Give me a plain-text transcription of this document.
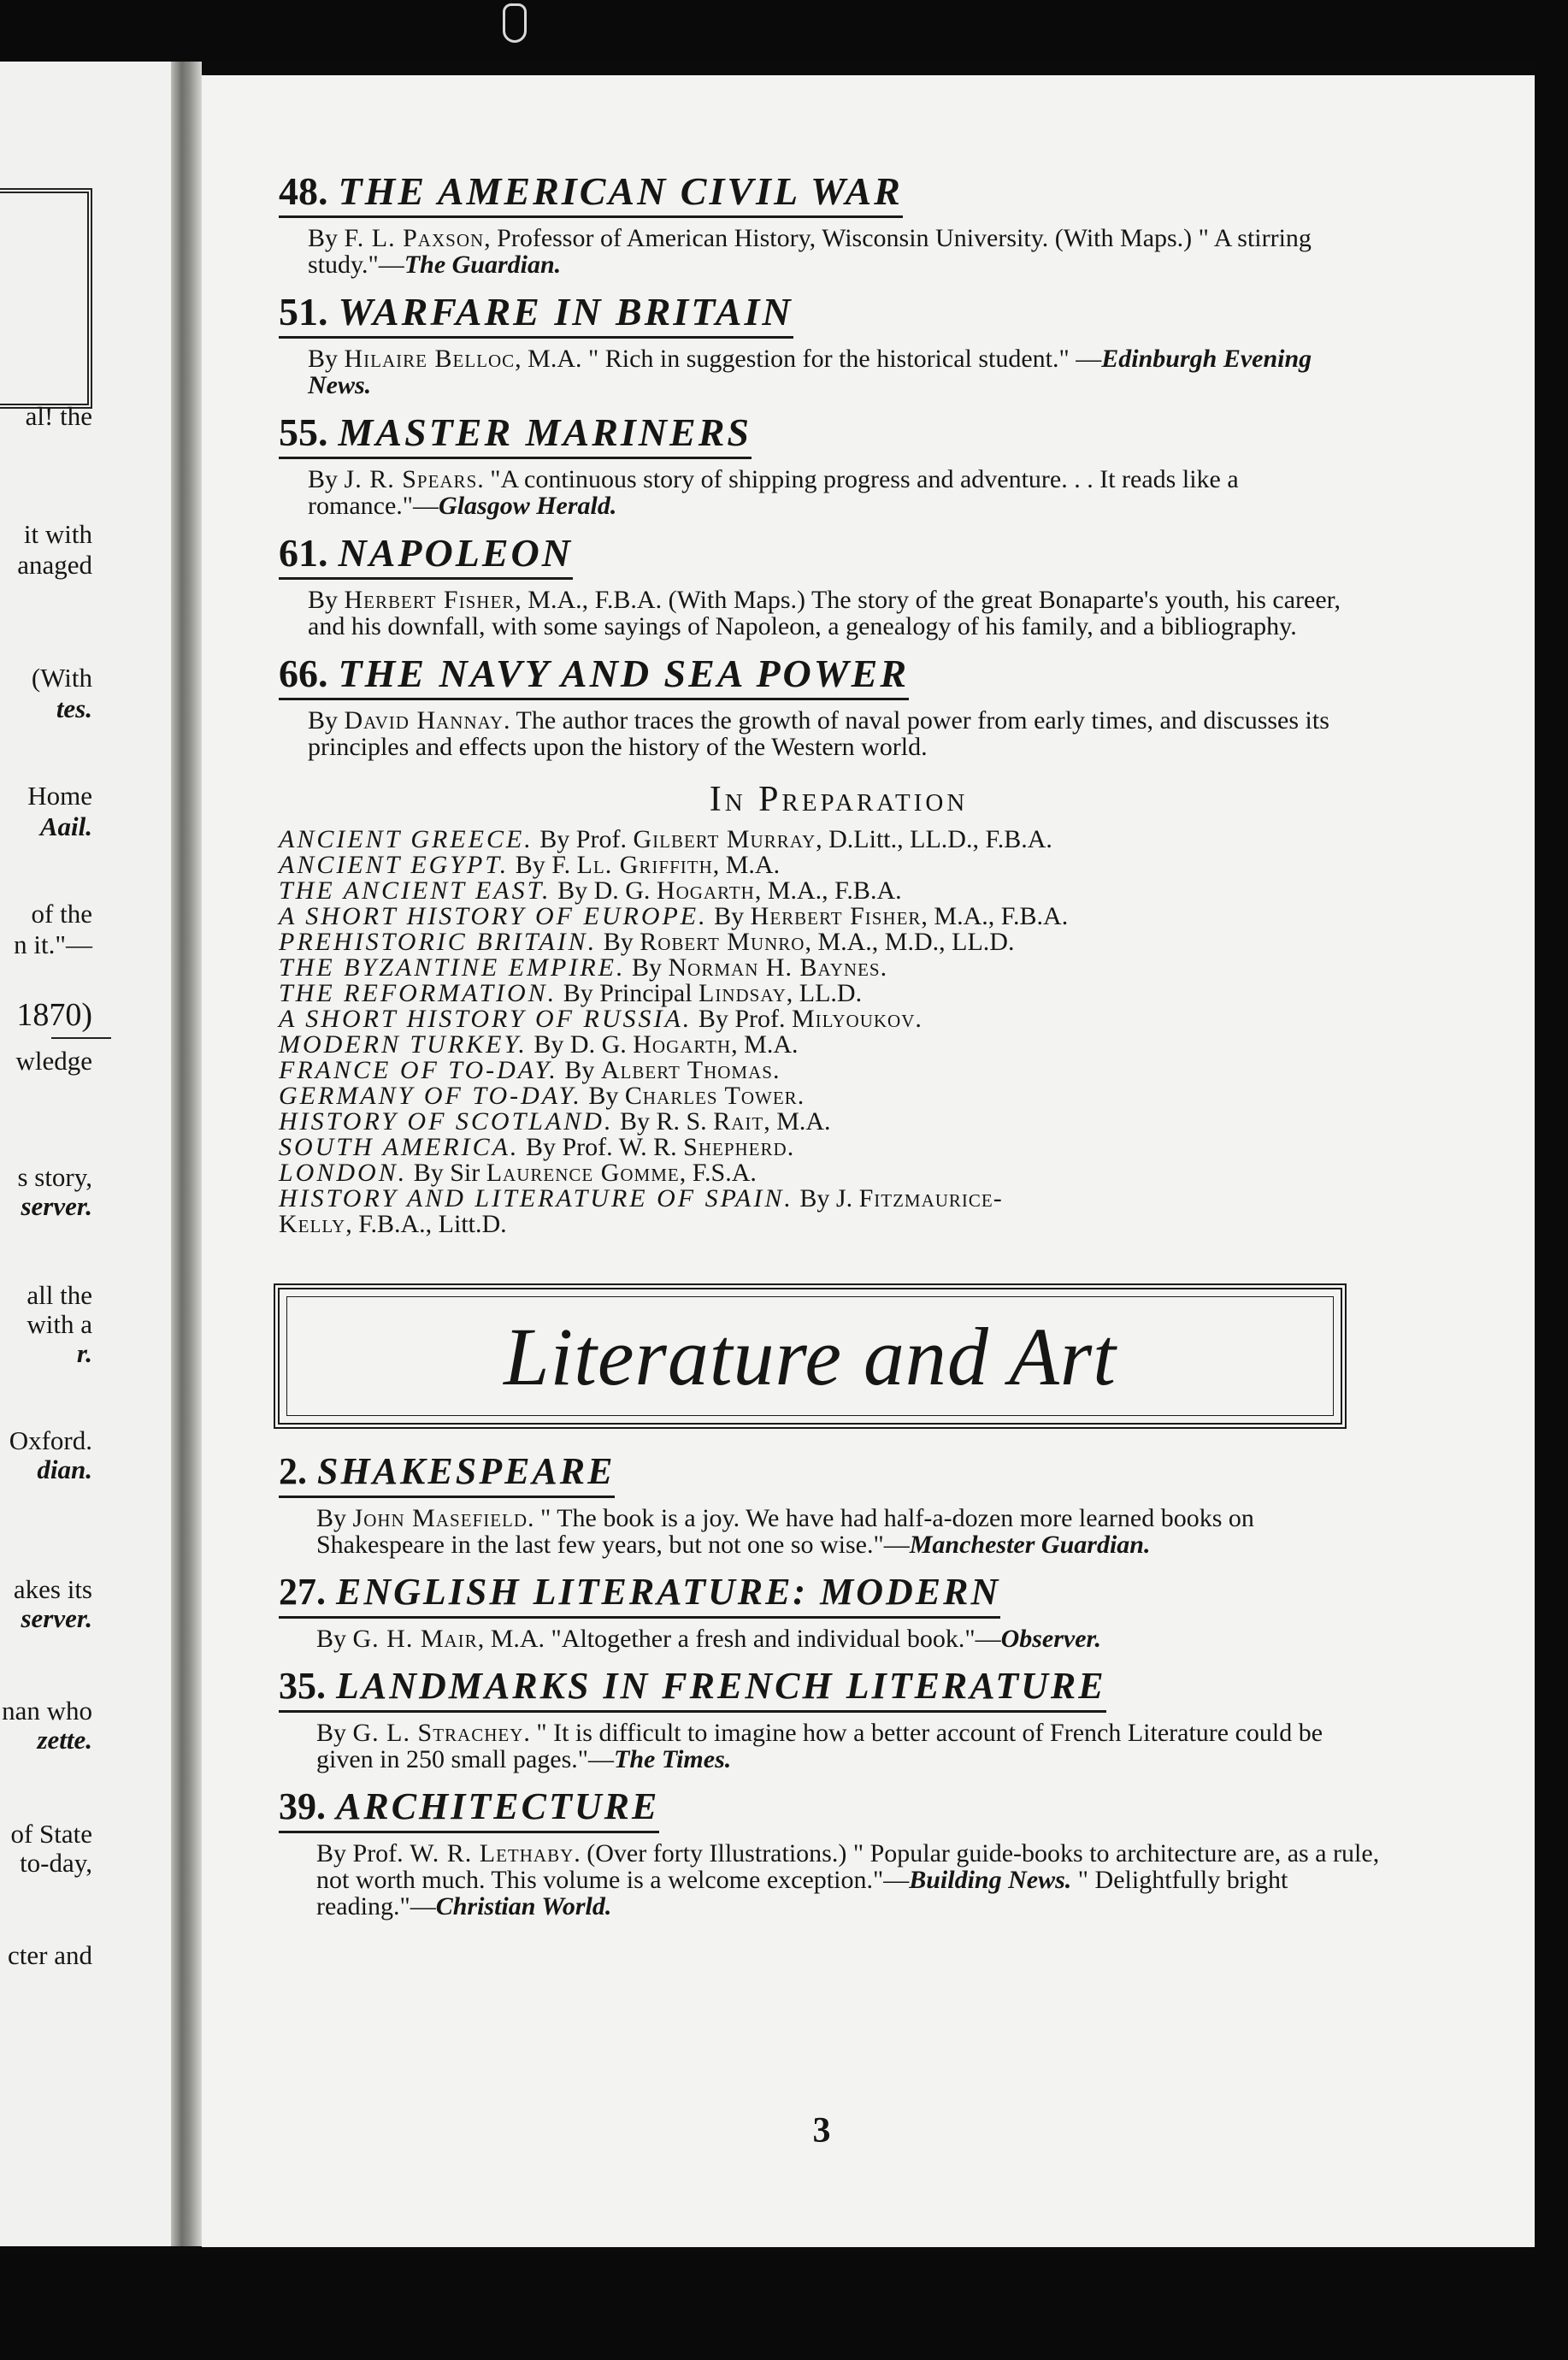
al! the
it with
anaged
(With
tes.
Home
Aail.
of the
n it."—
1870)
wledge
s story,
server.
all the
with a
r.
Oxford.
dian.
akes its
server.
nan who
zette.
of State
to-day,
cter and
48. THE AMERICAN CIVIL WAR

By F. L. Paxson, Professor of American History, Wisconsin University. (With Maps.) " A stirring study."—The Guardian.

51. WARFARE IN BRITAIN

By Hilaire Belloc, M.A. " Rich in suggestion for the historical student." —Edinburgh Evening News.

55. MASTER MARINERS

By J. R. Spears. "A continuous story of shipping progress and adventure. . . It reads like a romance."—Glasgow Herald.

61. NAPOLEON

By Herbert Fisher, M.A., F.B.A. (With Maps.) The story of the great Bonaparte's youth, his career, and his downfall, with some sayings of Napoleon, a genealogy of his family, and a bibliography.

66. THE NAVY AND SEA POWER

By David Hannay. The author traces the growth of naval power from early times, and discusses its principles and effects upon the history of the Western world.

In Preparation
ANCIENT GREECE. By Prof. Gilbert Murray, D.Litt., LL.D., F.B.A.
ANCIENT EGYPT. By F. Ll. Griffith, M.A.
THE ANCIENT EAST. By D. G. Hogarth, M.A., F.B.A.
A SHORT HISTORY OF EUROPE. By Herbert Fisher, M.A., F.B.A.
PREHISTORIC BRITAIN. By Robert Munro, M.A., M.D., LL.D.
THE BYZANTINE EMPIRE. By Norman H. Baynes.
THE REFORMATION. By Principal Lindsay, LL.D.
A SHORT HISTORY OF RUSSIA. By Prof. Milyoukov.
MODERN TURKEY. By D. G. Hogarth, M.A.
FRANCE OF TO-DAY. By Albert Thomas.
GERMANY OF TO-DAY. By Charles Tower.
HISTORY OF SCOTLAND. By R. S. Rait, M.A.
SOUTH AMERICA. By Prof. W. R. Shepherd.
LONDON. By Sir Laurence Gomme, F.S.A.
HISTORY AND LITERATURE OF SPAIN. By J. Fitzmaurice-
Kelly, F.B.A., Litt.D.
Literature and Art
2. SHAKESPEARE

By John Masefield. " The book is a joy. We have had half-a-dozen more learned books on Shakespeare in the last few years, but not one so wise."—Manchester Guardian.

27. ENGLISH LITERATURE: MODERN

By G. H. Mair, M.A. "Altogether a fresh and individual book."—Observer.

35. LANDMARKS IN FRENCH LITERATURE

By G. L. Strachey. " It is difficult to imagine how a better account of French Literature could be given in 250 small pages."—The Times.

39. ARCHITECTURE

By Prof. W. R. Lethaby. (Over forty Illustrations.) " Popular guide-books to architecture are, as a rule, not worth much. This volume is a welcome exception."—Building News. " Delightfully bright reading."—Christian World.

3
